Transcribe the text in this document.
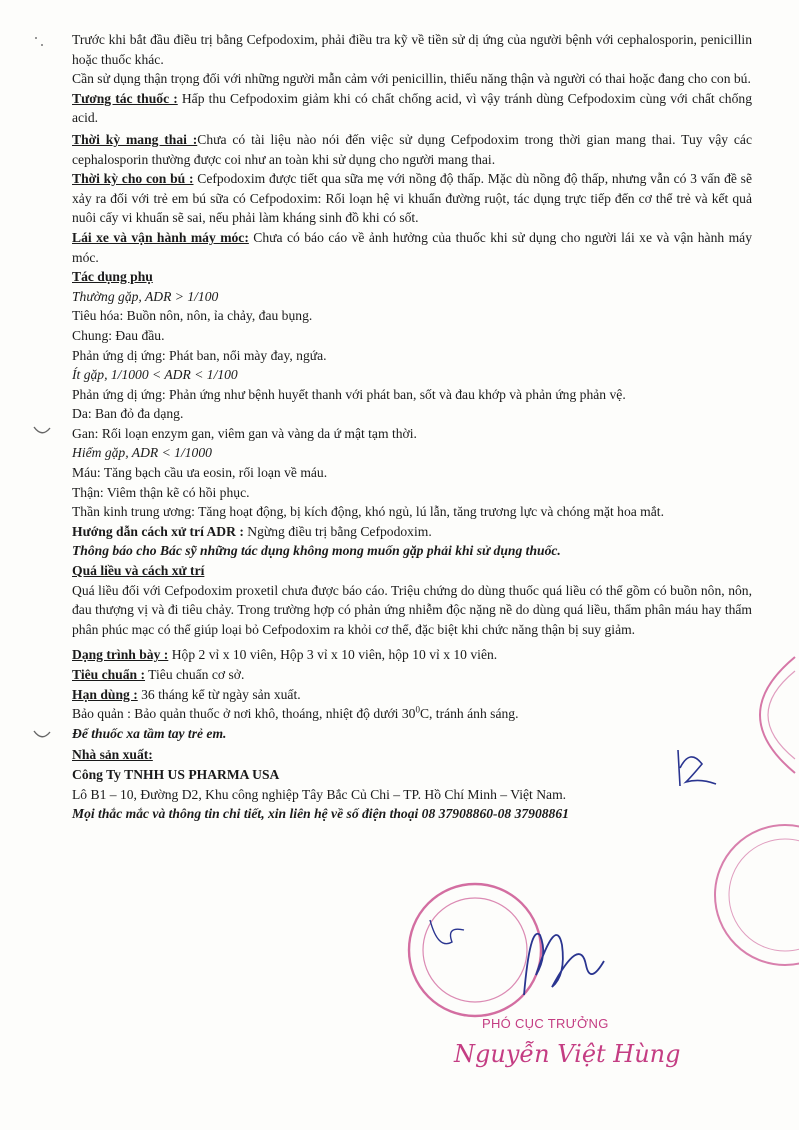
Trước khi bắt đầu điều trị bằng Cefpodoxim, phải điều tra kỹ về tiền sử dị ứng của người bệnh với cephalosporin, penicillin hoặc thuốc khác.

Cần sử dụng thận trọng đối với những người mẫn cảm với penicillin, thiểu năng thận và người có thai hoặc đang cho con bú.

Tương tác thuốc : Hấp thu Cefpodoxim giảm khi có chất chống acid, vì vậy tránh dùng Cefpodoxim cùng với chất chống acid.

Thời kỳ mang thai :Chưa có tài liệu nào nói đến việc sử dụng Cefpodoxim trong thời gian mang thai. Tuy vậy các cephalosporin thường được coi như an toàn khi sử dụng cho người mang thai.

Thời kỳ cho con bú : Cefpodoxim được tiết qua sữa mẹ với nồng độ thấp. Mặc dù nồng độ thấp, nhưng vẫn có 3 vấn đề sẽ xảy ra đối với trẻ em bú sữa có Cefpodoxim: Rối loạn hệ vi khuẩn đường ruột, tác dụng trực tiếp đến cơ thể trẻ và kết quả nuôi cấy vi khuẩn sẽ sai, nếu phải làm kháng sinh đồ khi có sốt.

Lái xe và vận hành máy móc: Chưa có báo cáo về ảnh hưởng của thuốc khi sử dụng cho người lái xe và vận hành máy móc.

Tác dụng phụ

Thường gặp, ADR > 1/100

Tiêu hóa: Buồn nôn, nôn, ỉa chảy, đau bụng.

Chung: Đau đầu.

Phản ứng dị ứng: Phát ban, nổi mày đay, ngứa.

Ít gặp, 1/1000 < ADR < 1/100

Phản ứng dị ứng: Phản ứng như bệnh huyết thanh với phát ban, sốt và đau khớp và phản ứng phản vệ.

Da: Ban đỏ đa dạng.

Gan: Rối loạn enzym gan, viêm gan và vàng da ứ mật tạm thời.

Hiếm gặp, ADR < 1/1000

Máu: Tăng bạch cầu ưa eosin, rối loạn về máu.

Thận: Viêm thận kẽ có hồi phục.

Thần kinh trung ương: Tăng hoạt động, bị kích động, khó ngủ, lú lẫn, tăng trương lực và chóng mặt hoa mắt.

Hướng dẫn cách xử trí ADR : Ngừng điều trị bằng Cefpodoxim.

Thông báo cho Bác sỹ những tác dụng không mong muốn gặp phải khi sử dụng thuốc.

Quá liều và cách xử trí

Quá liều đối với Cefpodoxim proxetil chưa được báo cáo. Triệu chứng do dùng thuốc quá liều có thể gồm có buồn nôn, nôn, đau thượng vị và đi tiêu chảy. Trong trường hợp có phản ứng nhiễm độc nặng nề do dùng quá liều, thẩm phân máu hay thẩm phân phúc mạc có thể giúp loại bỏ Cefpodoxim ra khỏi cơ thể, đặc biệt khi chức năng thận bị suy giảm.

Dạng trình bày : Hộp 2 vỉ x 10 viên, Hộp 3 vỉ x 10 viên, hộp 10 vỉ x 10 viên.

Tiêu chuẩn : Tiêu chuẩn cơ sở.

Hạn dùng : 36 tháng kể từ ngày sản xuất.

Bảo quản : Bảo quản thuốc ở nơi khô, thoáng, nhiệt độ dưới $30^0C$, tránh ánh sáng.

Để thuốc xa tầm tay trẻ em.

Nhà sản xuất:

Công Ty TNHH US PHARMA USA

Lô B1 – 10, Đường D2, Khu công nghiệp Tây Bắc Củ Chi – TP. Hồ Chí Minh – Việt Nam.

Mọi thắc mắc và thông tin chi tiết, xin liên hệ về số điện thoại 08 37908860-08 37908861

PHÓ CỤC TRƯỞNG
Nguyễn Việt Hùng
